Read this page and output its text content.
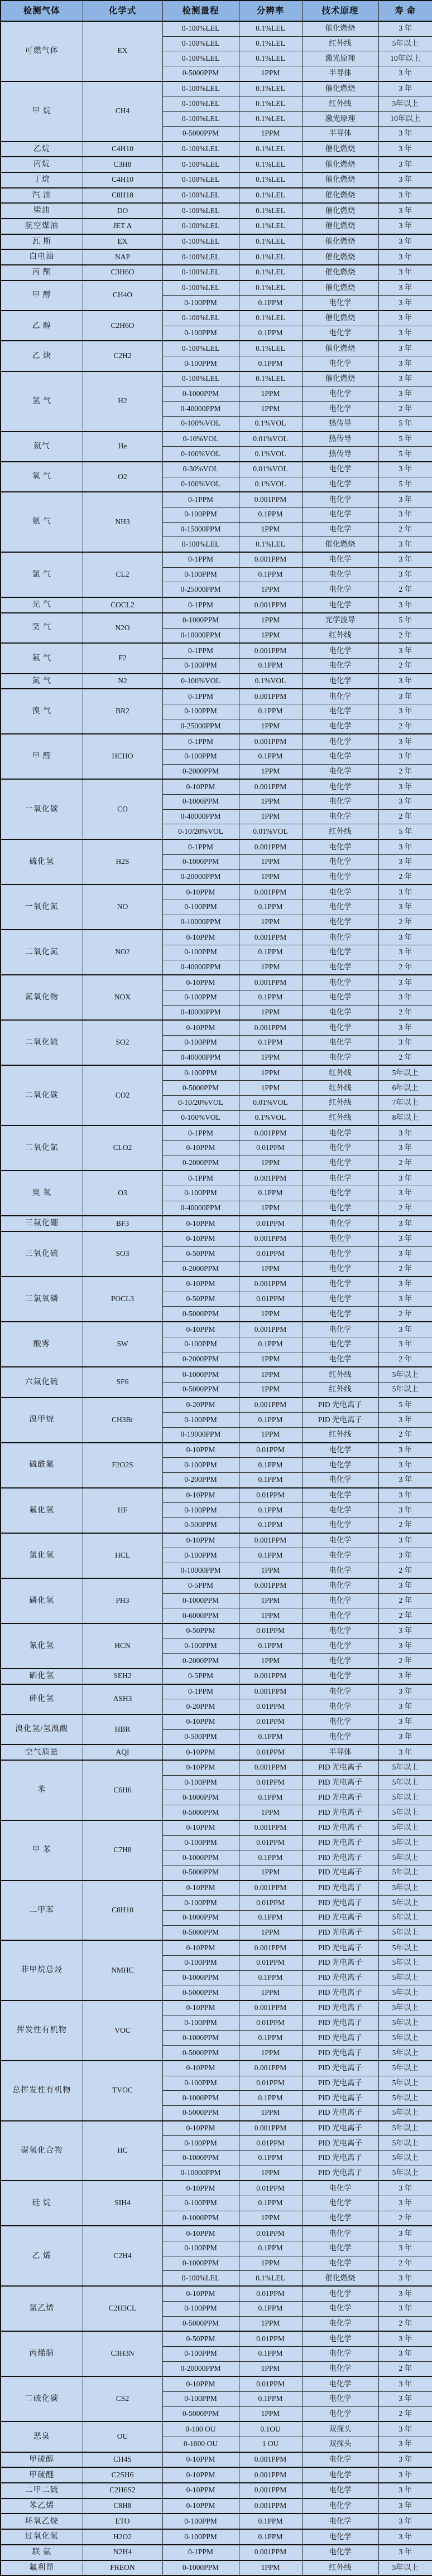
检测气体	化学式	检测量程	分辨率	技术原理	寿 命
可燃气体	EX	0-100%LEL	0.1%LEL	催化燃烧	3 年
		0-100%LEL	0.1%LEL	红外线	5年以上
		0-100%LEL	0.1%LEL	激光原理	10年以上
		0-5000PPM	1PPM	半导体	3 年
甲 烷	CH4	0-100%LEL	0.1%LEL	催化燃烧	3 年
		0-100%LEL	0.1%LEL	红外线	5年以上
		0-100%LEL	0.1%LEL	激光原理	10年以上
		0-5000PPM	1PPM	半导体	3 年
乙烷	C4H10	0-100%LEL	0.1%LEL	催化燃烧	3 年
丙烷	C3H8	0-100%LEL	0.1%LEL	催化燃烧	3 年
丁烷	C4H10	0-100%LEL	0.1%LEL	催化燃烧	3 年
汽 油	C8H18	0-100%LEL	0.1%LEL	催化燃烧	3 年
柴油	DO	0-100%LEL	0.1%LEL	催化燃烧	3 年
航空煤油	JET A	0-100%LEL	0.1%LEL	催化燃烧	3 年
瓦 斯	EX	0-100%LEL	0.1%LEL	催化燃烧	3 年
白电油	NAP	0-100%LEL	0.1%LEL	催化燃烧	3 年
丙 酮	C3H6O	0-100%LEL	0.1%LEL	催化燃烧	3 年
甲 醇	CH4O	0-100%LEL	0.1%LEL	催化燃烧	3 年
		0-100PPM	0.1PPM	电化学	3 年
乙 醇	C2H6O	0-100%LEL	0.1%LEL	催化燃烧	3 年
		0-100PPM	0.1PPM	电化学	3 年
乙 炔	C2H2	0-100%LEL	0.1%LEL	催化燃烧	3 年
		0-100PPM	0.1PPM	电化学	3 年
氢 气	H2	0-100%LEL	0.1%LEL	催化燃烧	3 年
		0-1000PPM	1PPM	电化学	3 年
		0-40000PPM	1PPM	电化学	2 年
		0-100%VOL	0.1%VOL	热传导	5 年
氦气	He	0-10%VOL	0.01%VOL	热传导	5 年
		0-100%VOL	0.1%VOL	热传导	5 年
氧 气	O2	0-30%VOL	0.01%VOL	电化学	3 年
		0-100%VOL	0.1%VOL	电化学	5 年
氨 气	NH3	0-1PPM	0.001PPM	电化学	3 年
		0-100PPM	0.1PPM	电化学	3 年
		0-15000PPM	1PPM	电化学	2 年
		0-100%LEL	0.1%LEL	催化燃烧	3 年
氯 气	CL2	0-1PPM	0.001PPM	电化学	3 年
		0-100PPM	0.1PPM	电化学	3 年
		0-25000PPM	1PPM	电化学	2 年
光 气	COCL2	0-1PPM	0.001PPM	电化学	3 年
笑 气	N2O	0-1000PPM	1PPM	光学波导	5 年
		0-10000PPM	1PPM	红外线	2 年
氟 气	F2	0-1PPM	0.001PPM	电化学	3 年
		0-100PPM	0.1PPM	电化学	2 年
氮 气	N2	0-100%VOL	0.1%VOL	电化学	3 年
溴 气	BR2	0-1PPM	0.001PPM	电化学	3 年
		0-100PPM	0.1PPM	电化学	3 年
		0-25000PPM	1PPM	电化学	2 年
甲 醛	HCHO	0-1PPM	0.001PPM	电化学	3 年
		0-100PPM	0.1PPM	电化学	3 年
		0-2000PPM	1PPM	电化学	2 年
一氧化碳	CO	0-10PPM	0.001PPM	电化学	3 年
		0-1000PPM	1PPM	电化学	3 年
		0-40000PPM	1PPM	电化学	2 年
		0-10/20%VOL	0.01%VOL	红外线	5 年
硫化氢	H2S	0-1PPM	0.001PPM	电化学	3 年
		0-1000PPM	1PPM	电化学	3 年
		0-20000PPM	1PPM	电化学	2 年
一氧化氮	NO	0-10PPM	0.001PPM	电化学	3 年
		0-100PPM	0.1PPM	电化学	3 年
		0-10000PPM	1PPM	电化学	2 年
二氧化氮	NO2	0-10PPM	0.001PPM	电化学	3 年
		0-100PPM	0.1PPM	电化学	3 年
		0-40000PPM	1PPM	电化学	2 年
氮氧化物	NOX	0-10PPM	0.001PPM	电化学	3 年
		0-100PPM	0.1PPM	电化学	3 年
		0-40000PPM	1PPM	电化学	2 年
二氧化硫	SO2	0-10PPM	0.001PPM	电化学	3 年
		0-100PPM	0.1PPM	电化学	3 年
		0-40000PPM	1PPM	电化学	2 年
二氧化碳	CO2	0-100PPM	1PPM	红外线	5年以上
		0-5000PPM	1PPM	红外线	6年以上
		0-10/20%VOL	0.01%VOL	红外线	7年以上
		0-100%VOL	0.1%VOL	红外线	8年以上
二氧化氯	CLO2	0-1PPM	0.001PPM	电化学	3 年
		0-10PPM	0.01PPM	电化学	3 年
		0-2000PPM	1PPM	电化学	2 年
臭 氧	O3	0-1PPM	0.001PPM	电化学	3 年
		0-100PPM	0.1PPM	电化学	3 年
		0-40000PPM	1PPM	电化学	2 年
三氟化硼	BF3	0-10PPM	0.01PPM	电化学	3 年
三氧化硫	SO3	0-10PPM	0.001PPM	电化学	3 年
		0-50PPM	0.01PPM	电化学	3 年
		0-2000PPM	1PPM	电化学	2 年
三氯氧磷	POCL3	0-10PPM	0.001PPM	电化学	3 年
		0-50PPM	0.01PPM	电化学	3 年
		0-5000PPM	1PPM	电化学	2 年
酸雾	SW	0-10PPM	0.001PPM	电化学	3 年
		0-100PPM	0.1PPM	电化学	3 年
		0-2000PPM	1PPM	电化学	2 年
六氟化硫	SF6	0-1000PPM	1PPM	红外线	5年以上
		0-5000PPM	1PPM	红外线	5年以上
溴甲烷	CH3Br	0-20PPM	0.001PPM	PID 光电离子	5 年
		0-100PPM	0.1PPM	PID 光电离子	3 年
		0-19000PPM	1PPM	红外线	2 年
硫酰氟	F2O2S	0-10PPM	0.01PPM	电化学	3 年
		0-100PPM	0.1PPM	电化学	3 年
		0-200PPM	0.1PPM	电化学	3 年
氟化氢	HF	0-10PPM	0.01PPM	电化学	3 年
		0-100PPM	0.1PPM	电化学	3 年
		0-500PPM	0.1PPM	电化学	2 年
氯化氢	HCL	0-10PPM	0.001PPM	电化学	3 年
		0-100PPM	0.1PPM	电化学	3 年
		0-10000PPM	1PPM	电化学	2 年
磷化氢	PH3	0-5PPM	0.001PPM	电化学	3 年
		0-1000PPM	1PPM	电化学	2 年
		0-6000PPM	1PPM	电化学	2 年
氰化氢	HCN	0-50PPM	0.01PPM	电化学	3 年
		0-100PPM	0.1PPM	电化学	3 年
		0-2000PPM	1PPM	电化学	2 年
硒化氢	SEH2	0-5PPM	0.001PPM	电化学	3 年
砷化氢	ASH3	0-1PPM	0.001PPM	电化学	3 年
		0-20PPM	0.01PPM	电化学	3 年
溴化氢/氢溴酸	HBR	0-10PPM	0.01PPM	电化学	3 年
		0-500PPM	0.1PPM	电化学	3 年
空气质量	AQI	0-10PPM	0.01PPM	半导体	3 年
苯	C6H6	0-10PPM	0.001PPM	PID 光电离子	5年以上
		0-100PPM	0.01PPM	PID 光电离子	5年以上
		0-1000PPM	0.1PPM	PID 光电离子	5年以上
		0-5000PPM	1PPM	PID 光电离子	5年以上
甲 苯	C7H8	0-10PPM	0.001PPM	PID 光电离子	5年以上
		0-100PPM	0.01PPM	PID 光电离子	5年以上
		0-1000PPM	0.1PPM	PID 光电离子	5年以上
		0-5000PPM	1PPM	PID 光电离子	5年以上
二甲苯	C8H10	0-10PPM	0.001PPM	PID 光电离子	5年以上
		0-100PPM	0.01PPM	PID 光电离子	5年以上
		0-1000PPM	0.1PPM	PID 光电离子	5年以上
		0-5000PPM	1PPM	PID 光电离子	5年以上
非甲烷总烃	NMHC	0-10PPM	0.001PPM	PID 光电离子	5年以上
		0-100PPM	0.01PPM	PID 光电离子	5年以上
		0-1000PPM	0.1PPM	PID 光电离子	5年以上
		0-5000PPM	1PPM	PID 光电离子	5年以上
挥发性有机物	VOC	0-10PPM	0.001PPM	PID 光电离子	5年以上
		0-100PPM	0.01PPM	PID 光电离子	5年以上
		0-1000PPM	0.1PPM	PID 光电离子	5年以上
		0-5000PPM	1PPM	PID 光电离子	5年以上
总挥发性有机物	TVOC	0-10PPM	0.001PPM	PID 光电离子	5年以上
		0-100PPM	0.01PPM	PID 光电离子	5年以上
		0-1000PPM	0.1PPM	PID 光电离子	5年以上
		0-5000PPM	1PPM	PID 光电离子	5年以上
碳氢化合物	HC	0-10PPM	0.001PPM	PID 光电离子	5年以上
		0-100PPM	0.01PPM	PID 光电离子	5年以上
		0-1000PPM	0.1PPM	PID 光电离子	5年以上
		0-10000PPM	1PPM	PID 光电离子	5年以上
硅 烷	SIH4	0-10PPM	0.01PPM	电化学	3 年
		0-100PPM	0.1PPM	电化学	3 年
		0-1000PPM	1PPM	电化学	2 年
乙 烯	C2H4	0-10PPM	0.01PPM	电化学	3 年
		0-100PPM	0.1PPM	电化学	3 年
		0-1000PPM	1PPM	电化学	2 年
		0-100%LEL	0.1%LEL	催化燃烧	3 年
氯乙烯	C2H3CL	0-10PPM	0.01PPM	电化学	3 年
		0-100PPM	0.1PPM	电化学	3 年
		0-5000PPM	1PPM	电化学	2 年
丙烯腈	C3H3N	0-50PPM	0.01PPM	电化学	3 年
		0-100PPM	0.1PPM	电化学	3 年
		0-20000PPM	1PPM	电化学	2 年
二硫化碳	CS2	0-10PPM	0.01PPM	电化学	3 年
		0-100PPM	0.1PPM	电化学	3 年
		0-5000PPM	1PPM	电化学	2 年
恶臭	OU	0-100 OU	0.1OU	双探头	3 年
		0-1000 OU	1 OU	双探头	3 年
甲硫醇	CH4S	0-10PPM	0.001PPM	电化学	3 年
甲硫醚	C2SH6	0-10PPM	0.001PPM	电化学	3 年
二甲二硫	C2H6S2	0-10PPM	0.001PPM	电化学	3 年
苯乙烯	C8H8	0-10PPM	0.001PPM	电化学	3 年
环氧乙烷	ETO	0-100PPM	0.1PPM	电化学	3 年
过氧化氢	H2O2	0-100PPM	0.1PPM	电化学	3 年
联 氨	N2H4	0-1PPM	0.001PPM	电化学	3 年
氟利昂	FREON	0-1000PPM	1PPM	红外线	5年以上
